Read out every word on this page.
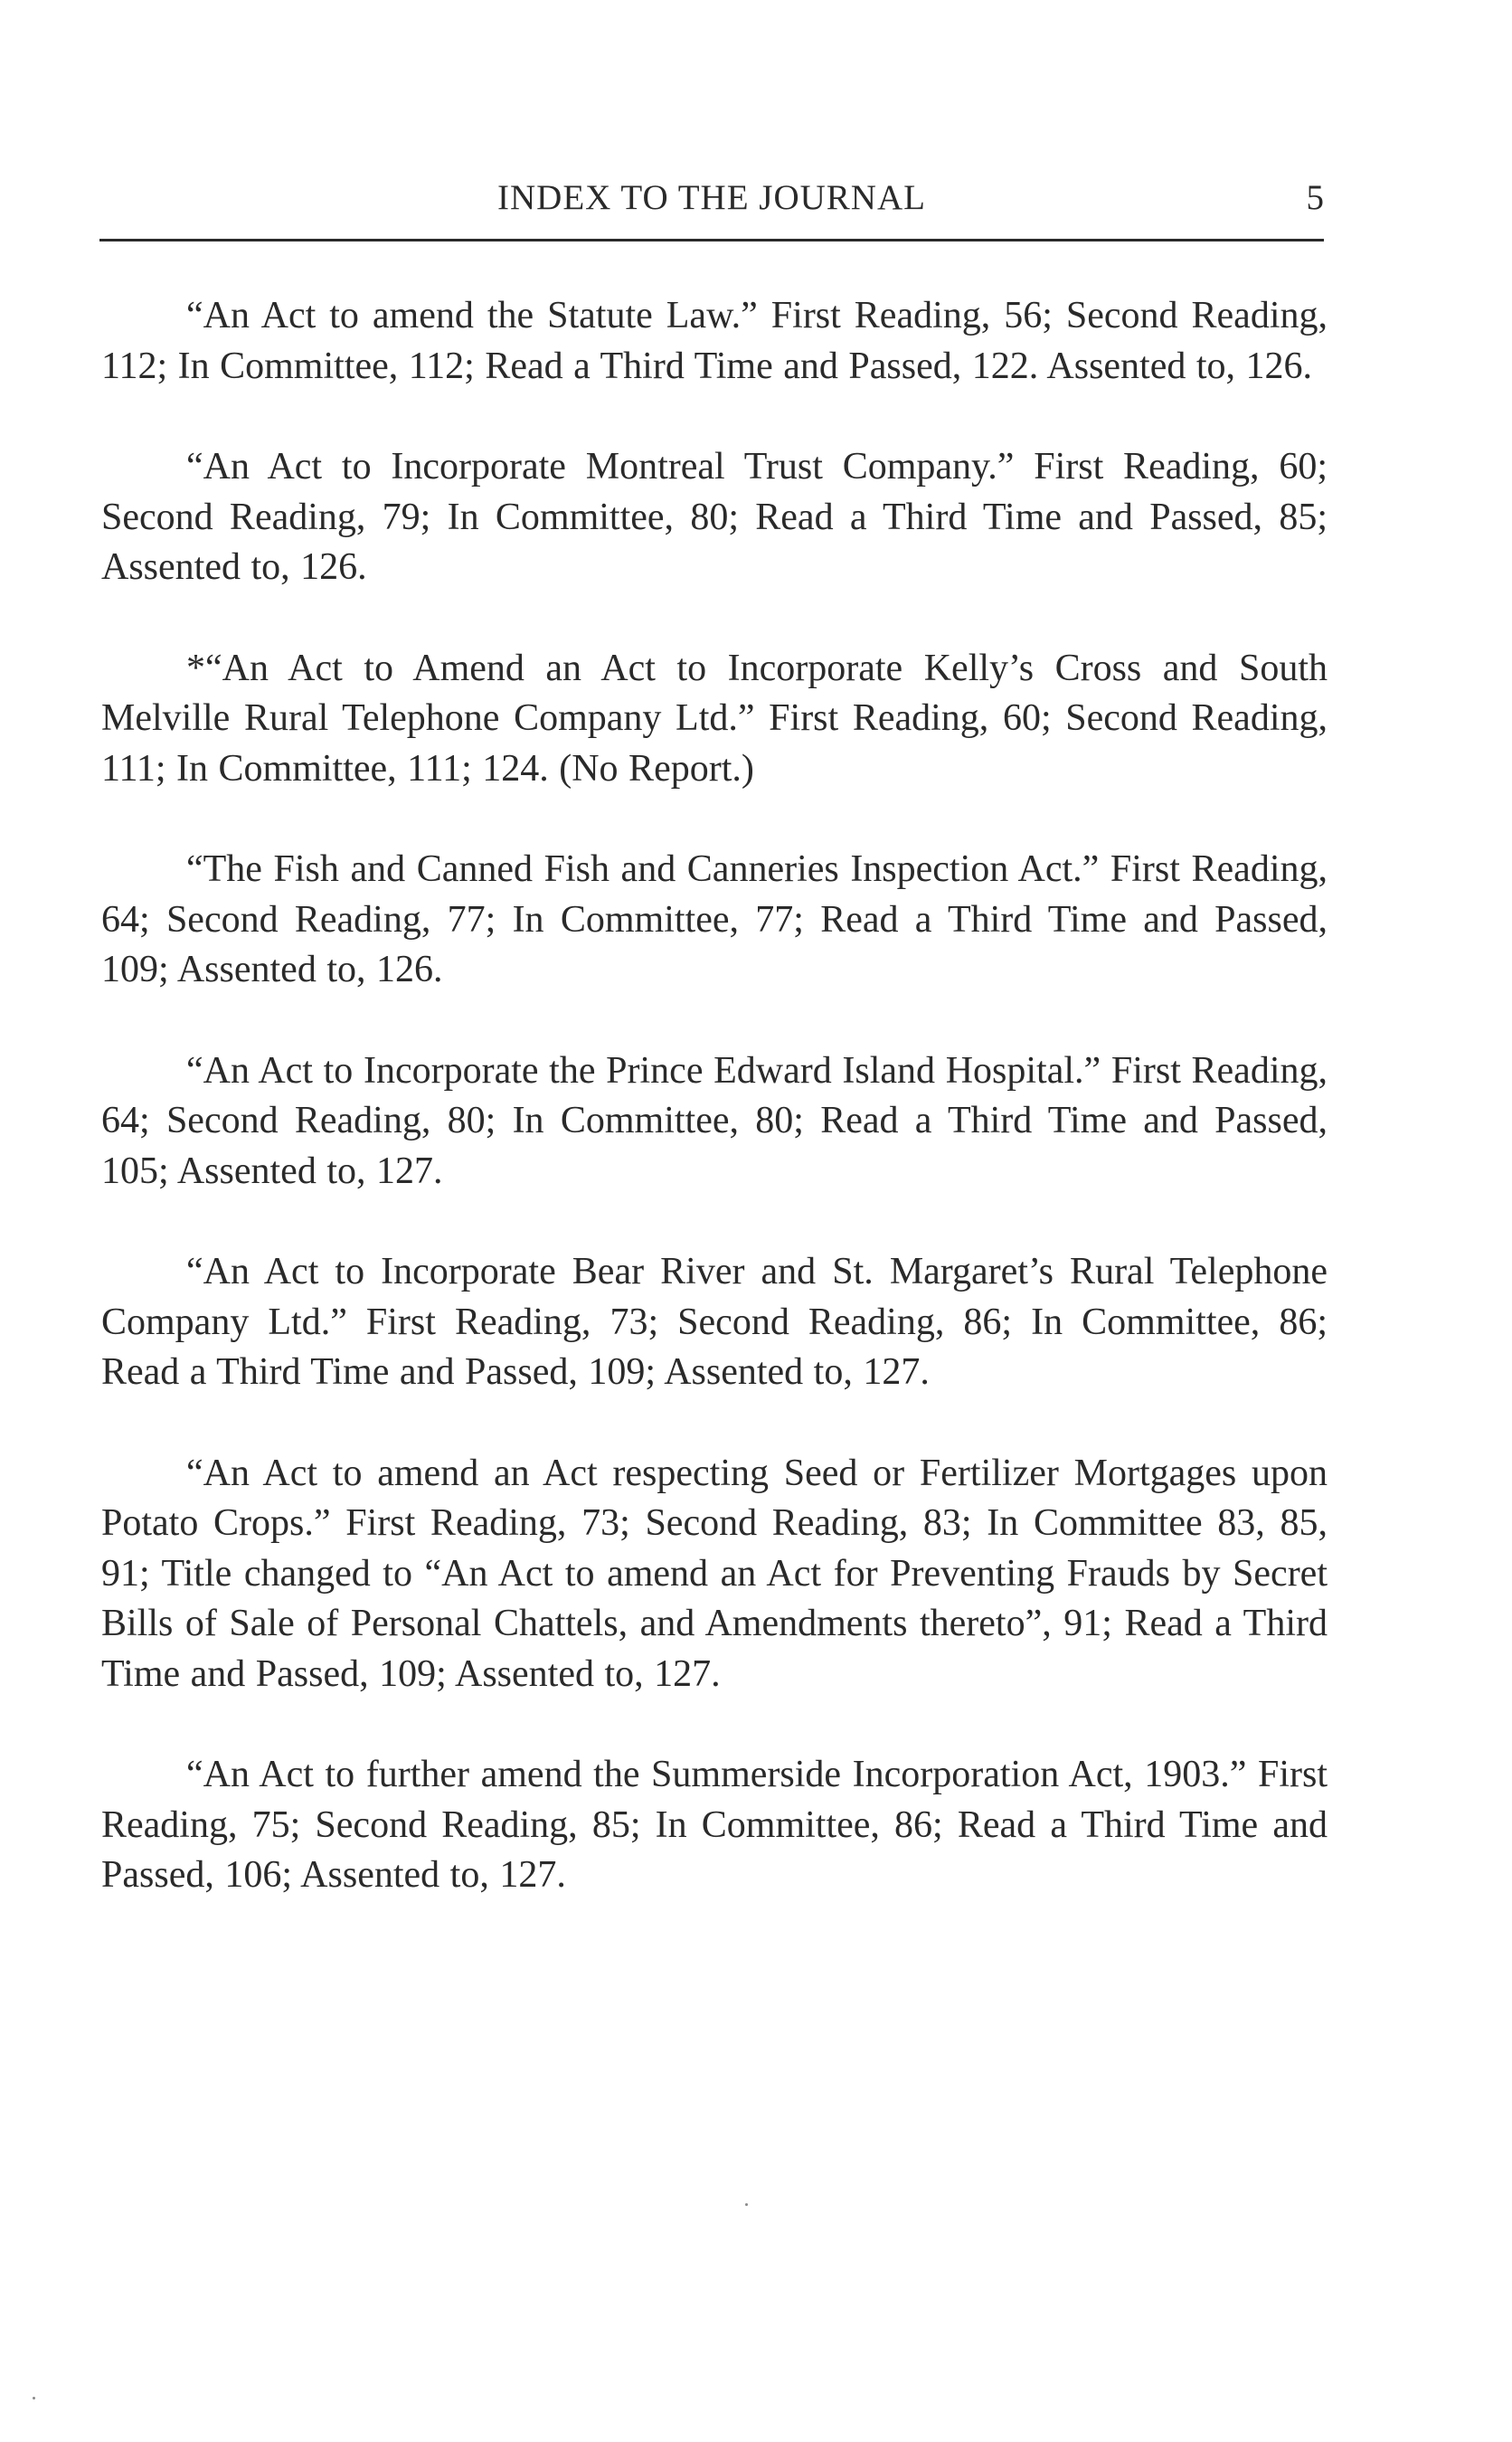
INDEX TO THE JOURNAL	5

“An Act to amend the Statute Law.” First Reading, 56; Second Reading, 112; In Committee, 112; Read a Third Time and Passed, 122. Assented to, 126.

“An Act to Incorporate Montreal Trust Company.” First Reading, 60; Second Reading, 79; In Committee, 80; Read a Third Time and Passed, 85; Assented to, 126.

*“An Act to Amend an Act to Incorporate Kelly’s Cross and South Melville Rural Telephone Company Ltd.” First Reading, 60; Second Reading, 111; In Committee, 111; 124. (No Report.)

“The Fish and Canned Fish and Canneries Inspection Act.” First Reading, 64; Second Reading, 77; In Committee, 77; Read a Third Time and Passed, 109; Assented to, 126.

“An Act to Incorporate the Prince Edward Island Hospital.” First Reading, 64; Second Reading, 80; In Committee, 80; Read a Third Time and Passed, 105; Assented to, 127.

“An Act to Incorporate Bear River and St. Margaret’s Rural Telephone Company Ltd.” First Reading, 73; Second Reading, 86; In Committee, 86; Read a Third Time and Passed, 109; Assented to, 127.

“An Act to amend an Act respecting Seed or Fertilizer Mortgages upon Potato Crops.” First Reading, 73; Second Reading, 83; In Committee 83, 85, 91; Title changed to “An Act to amend an Act for Preventing Frauds by Secret Bills of Sale of Personal Chattels, and Amendments thereto”, 91; Read a Third Time and Passed, 109; Assented to, 127.

“An Act to further amend the Summerside Incorporation Act, 1903.” First Reading, 75; Second Reading, 85; In Committee, 86; Read a Third Time and Passed, 106; Assented to, 127.
